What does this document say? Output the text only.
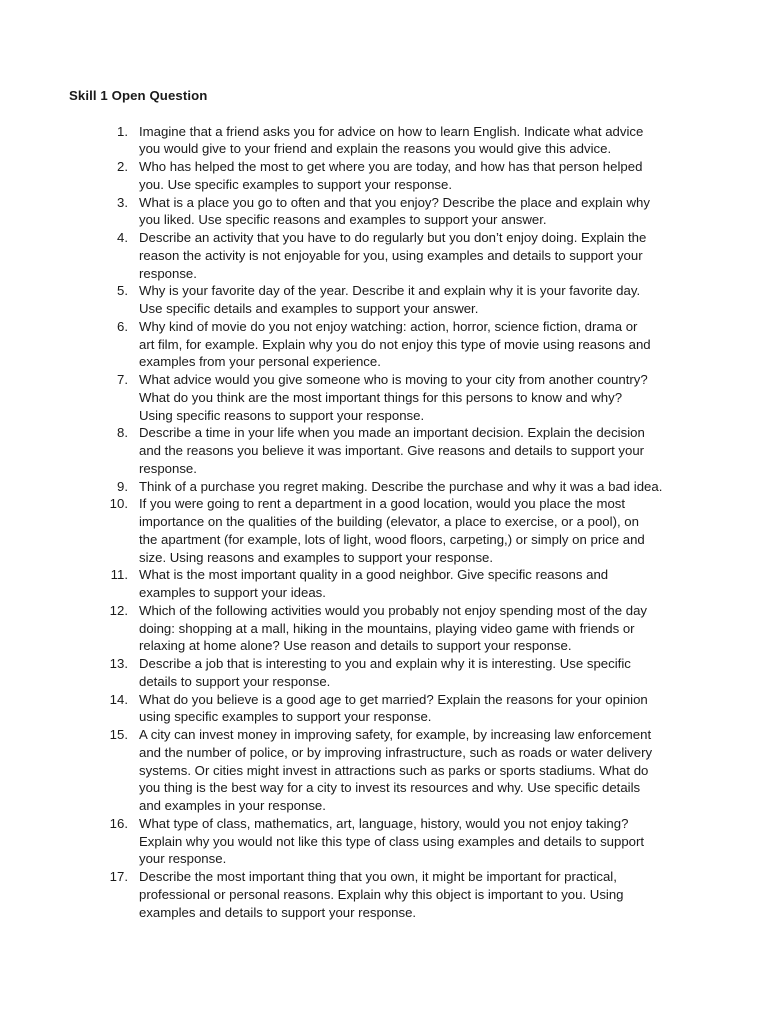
Skill 1 Open Question
1. Imagine that a friend asks you for advice on how to learn English. Indicate what advice
you would give to your friend and explain the reasons you would give this advice.
2. Who has helped the most to get where you are today, and how has that person helped
you. Use specific examples to support your response.
3. What is a place you go to often and that you enjoy? Describe the place and explain why
you liked. Use specific reasons and examples to support your answer.
4. Describe an activity that you have to do regularly but you don’t enjoy doing. Explain the
reason the activity is not enjoyable for you, using examples and details to support your
response.
5. Why is your favorite day of the year. Describe it and explain why it is your favorite day.
Use specific details and examples to support your answer.
6. Why kind of movie do you not enjoy watching: action, horror, science fiction, drama or
art film, for example. Explain why you do not enjoy this type of movie using reasons and
examples from your personal experience.
7. What advice would you give someone who is moving to your city from another country?
What do you think are the most important things for this persons to know and why?
Using specific reasons to support your response.
8. Describe a time in your life when you made an important decision. Explain the decision
and the reasons you believe it was important. Give reasons and details to support your
response.
9. Think of a purchase you regret making. Describe the purchase and why it was a bad idea.
10. If you were going to rent a department in a good location, would you place the most
importance on the qualities of the building (elevator, a place to exercise, or a pool), on
the apartment (for example, lots of light, wood floors, carpeting,) or simply on price and
size. Using reasons and examples to support your response.
11. What is the most important quality in a good neighbor. Give specific reasons and
examples to support your ideas.
12. Which of the following activities would you probably not enjoy spending most of the day
doing: shopping at a mall, hiking in the mountains, playing video game with friends or
relaxing at home alone? Use reason and details to support your response.
13. Describe a job that is interesting to you and explain why it is interesting. Use specific
details to support your response.
14. What do you believe is a good age to get married? Explain the reasons for your opinion
using specific examples to support your response.
15. A city can invest money in improving safety, for example, by increasing law enforcement
and the number of police, or by improving infrastructure, such as roads or water delivery
systems. Or cities might invest in attractions such as parks or sports stadiums. What do
you thing is the best way for a city to invest its resources and why. Use specific details
and examples in your response.
16. What type of class, mathematics, art, language, history, would you not enjoy taking?
Explain why you would not like this type of class using examples and details to support
your response.
17. Describe the most important thing that you own, it might be important for practical,
professional or personal reasons. Explain why this object is important to you. Using
examples and details to support your response.
